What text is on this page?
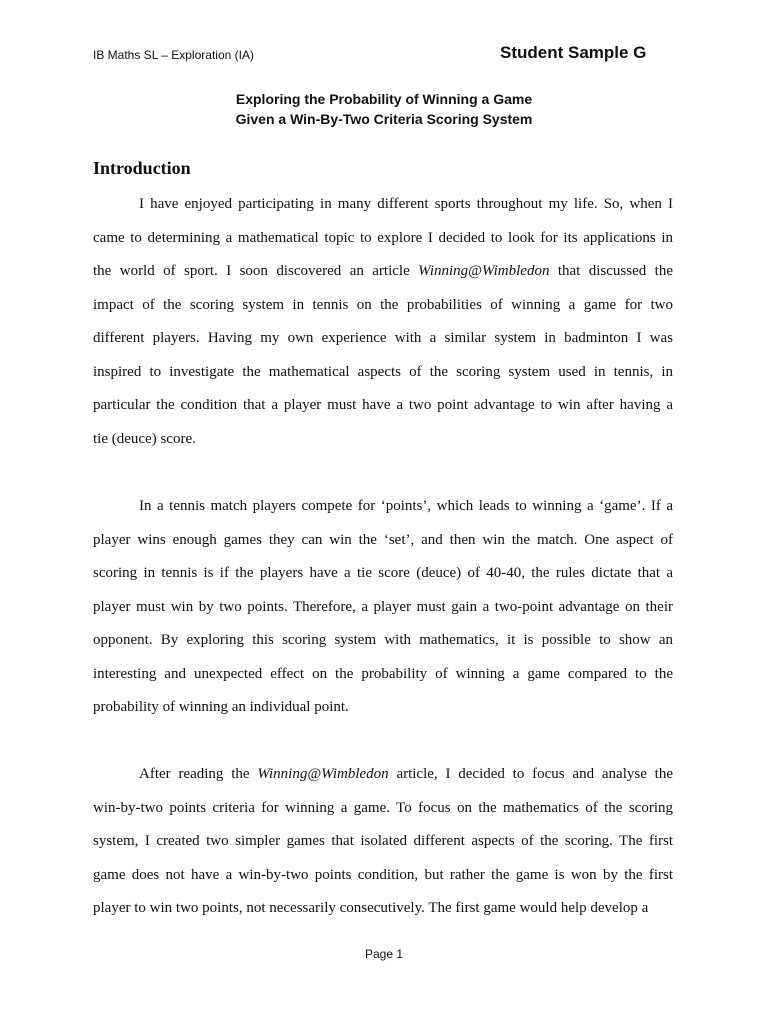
IB Maths SL – Exploration (IA)	Student Sample G
Exploring the Probability of Winning a Game
Given a Win-By-Two Criteria Scoring System
Introduction
I have enjoyed participating in many different sports throughout my life. So, when I
came to determining a mathematical topic to explore I decided to look for its applications in
the world of sport. I soon discovered an article Winning@Wimbledon that discussed the
impact of the scoring system in tennis on the probabilities of winning a game for two
different players. Having my own experience with a similar system in badminton I was
inspired to investigate the mathematical aspects of the scoring system used in tennis, in
particular the condition that a player must have a two point advantage to win after having a
tie (deuce) score.
In a tennis match players compete for ‘points’, which leads to winning a ‘game’. If a
player wins enough games they can win the ‘set’, and then win the match. One aspect of
scoring in tennis is if the players have a tie score (deuce) of 40-40, the rules dictate that a
player must win by two points. Therefore, a player must gain a two-point advantage on their
opponent. By exploring this scoring system with mathematics, it is possible to show an
interesting and unexpected effect on the probability of winning a game compared to the
probability of winning an individual point.
After reading the Winning@Wimbledon article, I decided to focus and analyse the
win-by-two points criteria for winning a game. To focus on the mathematics of the scoring
system, I created two simpler games that isolated different aspects of the scoring. The first
game does not have a win-by-two points condition, but rather the game is won by the first
player to win two points, not necessarily consecutively. The first game would help develop a
Page 1
